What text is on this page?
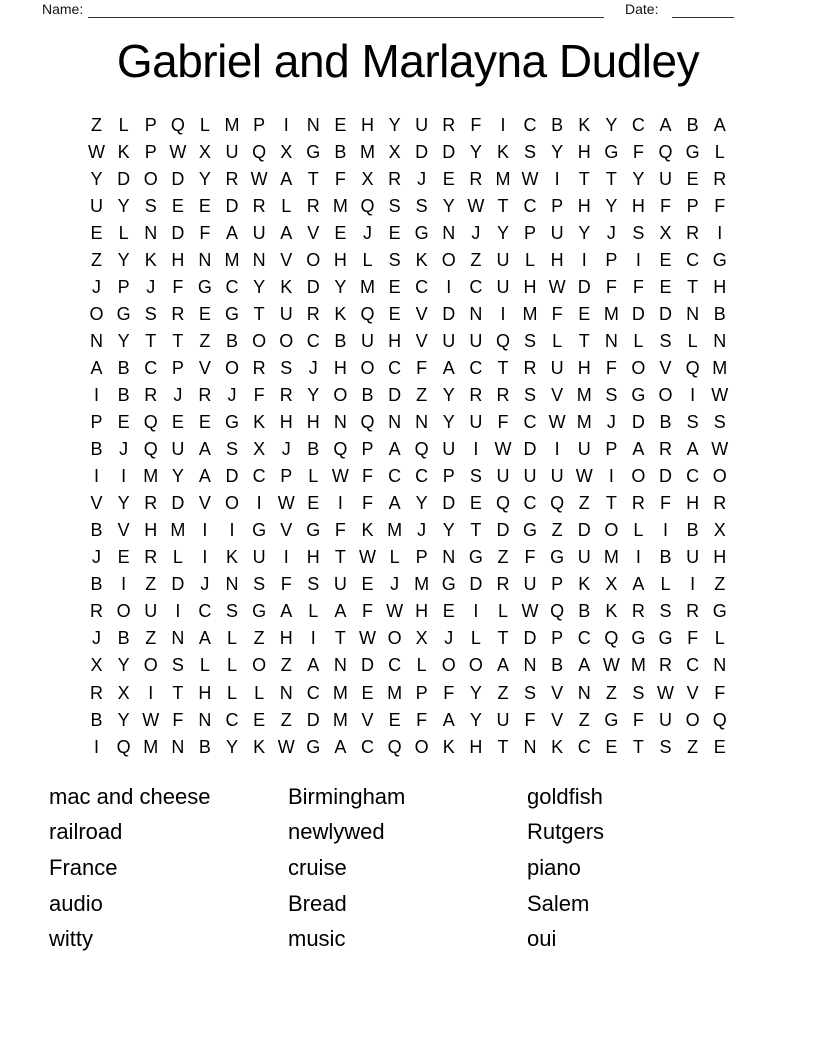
Name:	Date:
Gabriel and Marlayna Dudley
Z L P Q L M P	I	N E H Y U R F	I	C B K Y C A B A
W K P W X U Q X G B M X D D Y K S Y H G F Q G L
Y D O D Y R W A T F X R J E R M W I	T T Y U E R
U Y S E E D R L R M Q S S Y W T C P H Y H F P F
E L N D F A U A V E J E G N J Y P U Y J S X R	I
Z Y K H N M N V O H L S K O Z U L H	I	P	I	E C G
J P J F G C Y K D Y M E C	I	C U H W D F F E T H
O G S R E G T U R K Q E V D N	I M F E M D D N B
N Y T T Z B O O C B U H V U U Q S L T N L S L N
A B C P V O R S J H O C F A C T R U H F O V Q M
I	B R J R J F R Y O B D Z Y R R S V M S G O I W
P E Q E E G K H H N Q N N Y U F C W M J D B S S
B J Q U A S X J B Q P A Q U	I W D	I	U P A R A W
I	I M Y A D C P L W F C C P S U U U W I O D C O
V Y R D V O I W E	I	F A Y D E Q C Q Z T R F H R
B V H M I	I G V G F K M J Y T D G Z D O L	I	B X
J E R L	I	K U	I	H T W L P N G Z F G U M I	B U H
B	I	Z D J N S F S U E J M G D R U P K X A L	I	Z
R O U	I	C S G A L A F W H E	I	L W Q B K R S R G
J B Z N A L Z H	I	T W O X J L T D P C Q G G F L
X Y O S L L O Z A N D C L O O A N B A W M R C N
R X	I	T H L L N C M E M P F Y Z S V N Z S W V F
B Y W F N C E Z D M V E F A Y U F V Z G F U O Q
I Q M N B Y K W G A C Q O K H T N K C E T S Z E
mac and cheese
railroad
France
audio
witty
Birmingham
newlywed
cruise
Bread
music
goldfish
Rutgers
piano
Salem
oui
